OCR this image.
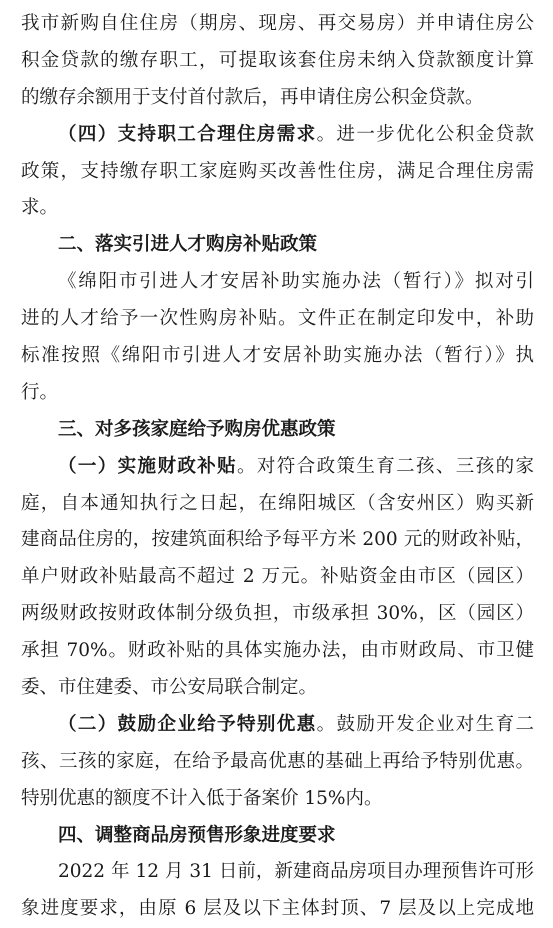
我市新购自住住房（期房、现房、再交易房）并申请住房公
积金贷款的缴存职工，可提取该套住房未纳入贷款额度计算
的缴存余额用于支付首付款后，再申请住房公积金贷款。
（四）支持职工合理住房需求。进一步优化公积金贷款
政策，支持缴存职工家庭购买改善性住房，满足合理住房需
求。
二、落实引进人才购房补贴政策
《绵阳市引进人才安居补助实施办法（暂行）》拟对引
进的人才给予一次性购房补贴。文件正在制定印发中，补助
标准按照《绵阳市引进人才安居补助实施办法（暂行）》执
行。
三、对多孩家庭给予购房优惠政策
（一）实施财政补贴。对符合政策生育二孩、三孩的家
庭，自本通知执行之日起，在绵阳城区（含安州区）购买新
建商品住房的，按建筑面积给予每平方米 200 元的财政补贴，
单户财政补贴最高不超过 2 万元。补贴资金由市区（园区）
两级财政按财政体制分级负担，市级承担 30%，区（园区）
承担 70%。财政补贴的具体实施办法，由市财政局、市卫健
委、市住建委、市公安局联合制定。
（二）鼓励企业给予特别优惠。鼓励开发企业对生育二
孩、三孩的家庭，在给予最高优惠的基础上再给予特别优惠。
特别优惠的额度不计入低于备案价 15%内。
四、调整商品房预售形象进度要求
2022 年 12 月 31 日前，新建商品房项目办理预售许可形
象进度要求，由原 6 层及以下主体封顶、7 层及以上完成地
